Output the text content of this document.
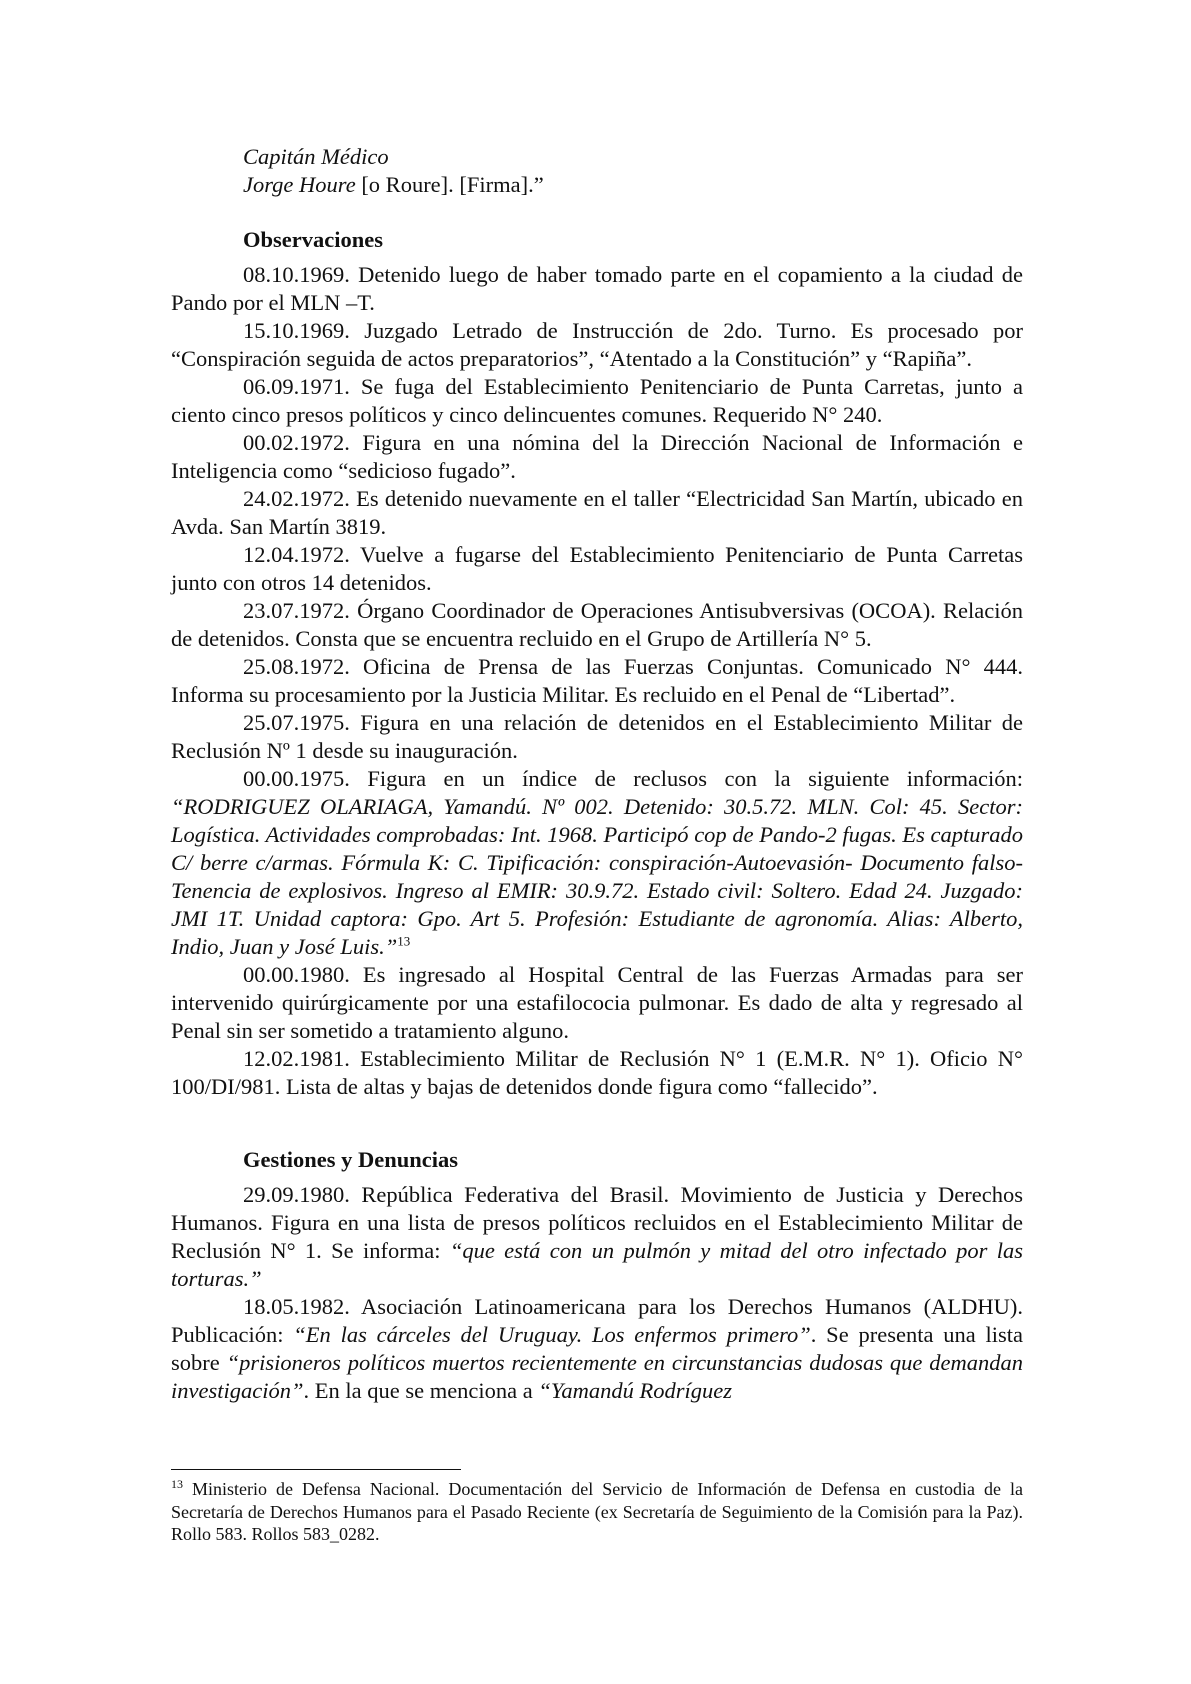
Capitán Médico

Jorge Houre [o Roure]. [Firma].”

Observaciones

08.10.1969. Detenido luego de haber tomado parte en el copamiento a la ciudad de Pando por el MLN –T.

15.10.1969. Juzgado Letrado de Instrucción de 2do. Turno. Es procesado por “Conspiración seguida de actos preparatorios”, “Atentado a la Constitución” y “Rapiña”.

06.09.1971. Se fuga del Establecimiento Penitenciario de Punta Carretas, junto a ciento cinco presos políticos y cinco delincuentes comunes. Requerido N° 240.

00.02.1972. Figura en una nómina del la Dirección Nacional de Información e Inteligencia como “sedicioso fugado”.

24.02.1972. Es detenido nuevamente en el taller “Electricidad San Martín, ubicado en Avda. San Martín 3819.

12.04.1972. Vuelve a fugarse del Establecimiento Penitenciario de Punta Carretas junto con otros 14 detenidos.

23.07.1972. Órgano Coordinador de Operaciones Antisubversivas (OCOA). Relación de detenidos. Consta que se encuentra recluido en el Grupo de Artillería N° 5.

25.08.1972. Oficina de Prensa de las Fuerzas Conjuntas. Comunicado N° 444. Informa su procesamiento por la Justicia Militar. Es recluido en el Penal de “Libertad”.

25.07.1975. Figura en una relación de detenidos en el Establecimiento Militar de Reclusión Nº 1 desde su inauguración.

00.00.1975. Figura en un índice de reclusos con la siguiente información: “RODRIGUEZ OLARIAGA, Yamandú. Nº 002. Detenido: 30.5.72. MLN. Col: 45. Sector: Logística. Actividades comprobadas: Int. 1968. Participó cop de Pando-2 fugas. Es capturado C/ berre c/armas. Fórmula K: C. Tipificación: conspiración-Autoevasión- Documento falso- Tenencia de explosivos. Ingreso al EMIR: 30.9.72. Estado civil: Soltero. Edad 24. Juzgado: JMI 1T. Unidad captora: Gpo. Art 5. Profesión: Estudiante de agronomía. Alias: Alberto, Indio, Juan y José Luis.”$^{13}$

00.00.1980. Es ingresado al Hospital Central de las Fuerzas Armadas para ser intervenido quirúrgicamente por una estafilococia pulmonar. Es dado de alta y regresado al Penal sin ser sometido a tratamiento alguno.

12.02.1981. Establecimiento Militar de Reclusión N° 1 (E.M.R. N° 1). Oficio N° 100/DI/981. Lista de altas y bajas de detenidos donde figura como “fallecido”.

Gestiones y Denuncias

29.09.1980. República Federativa del Brasil. Movimiento de Justicia y Derechos Humanos. Figura en una lista de presos políticos recluidos en el Establecimiento Militar de Reclusión N° 1. Se informa: “que está con un pulmón y mitad del otro infectado por las torturas.”

18.05.1982. Asociación Latinoamericana para los Derechos Humanos (ALDHU). Publicación: “En las cárceles del Uruguay. Los enfermos primero”. Se presenta una lista sobre “prisioneros políticos muertos recientemente en circunstancias dudosas que demandan investigación”. En la que se menciona a “Yamandú Rodríguez

$^{13}$ Ministerio de Defensa Nacional. Documentación del Servicio de Información de Defensa en custodia de la Secretaría de Derechos Humanos para el Pasado Reciente (ex Secretaría de Seguimiento de la Comisión para la Paz). Rollo 583. Rollos 583_0282.
